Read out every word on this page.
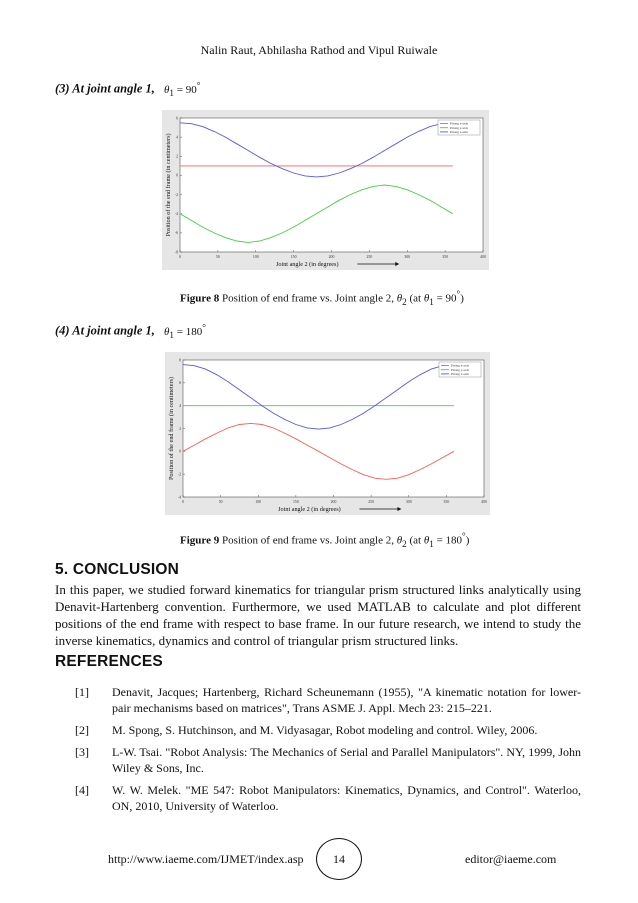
Nalin Raut, Abhilasha Rathod and Vipul Ruiwale
(3) At joint angle 1, $\theta_1 = 90^\circ$
0	50	100	150	200	250	300	350	400
6
4
2
0
-2
-4
-6
-8
Pitong x-axis
Pitong y-axis
Pitong z-axis
Joint angle 2 (in degrees)
Position of the end frame (in centimeters)
Figure 8 Position of end frame vs. Joint angle 2, $\theta_2$ (at $\theta_1 = 90^\circ$)
(4) At joint angle 1, $\theta_1 = 180^\circ$
0	50	100	150	200	250	300	350	400
8
6
4
2
0
-2
-4
Pitong x-axis
Pitong y-axis
Pitong z-axis
Joint angle 2 (in degrees)
Position of the end frame (in centimeters)
Figure 9 Position of end frame vs. Joint angle 2, $\theta_2$ (at $\theta_1 = 180^\circ$)
5. CONCLUSION
In this paper, we studied forward kinematics for triangular prism structured links analytically using Denavit-Hartenberg convention. Furthermore, we used MATLAB to calculate and plot different positions of the end frame with respect to base frame. In our future research, we intend to study the inverse kinematics, dynamics and control of triangular prism structured links.
REFERENCES
[1] Denavit, Jacques; Hartenberg, Richard Scheunemann (1955), "A kinematic notation for lower-pair mechanisms based on matrices", Trans ASME J. Appl. Mech 23: 215–221.
[2] M. Spong, S. Hutchinson, and M. Vidyasagar, Robot modeling and control. Wiley, 2006.
[3] L-W. Tsai. "Robot Analysis: The Mechanics of Serial and Parallel Manipulators". NY, 1999, John Wiley & Sons, Inc.
[4] W. W. Melek. "ME 547: Robot Manipulators: Kinematics, Dynamics, and Control". Waterloo, ON, 2010, University of Waterloo.
http://www.iaeme.com/IJMET/index.asp	14	editor@iaeme.com
